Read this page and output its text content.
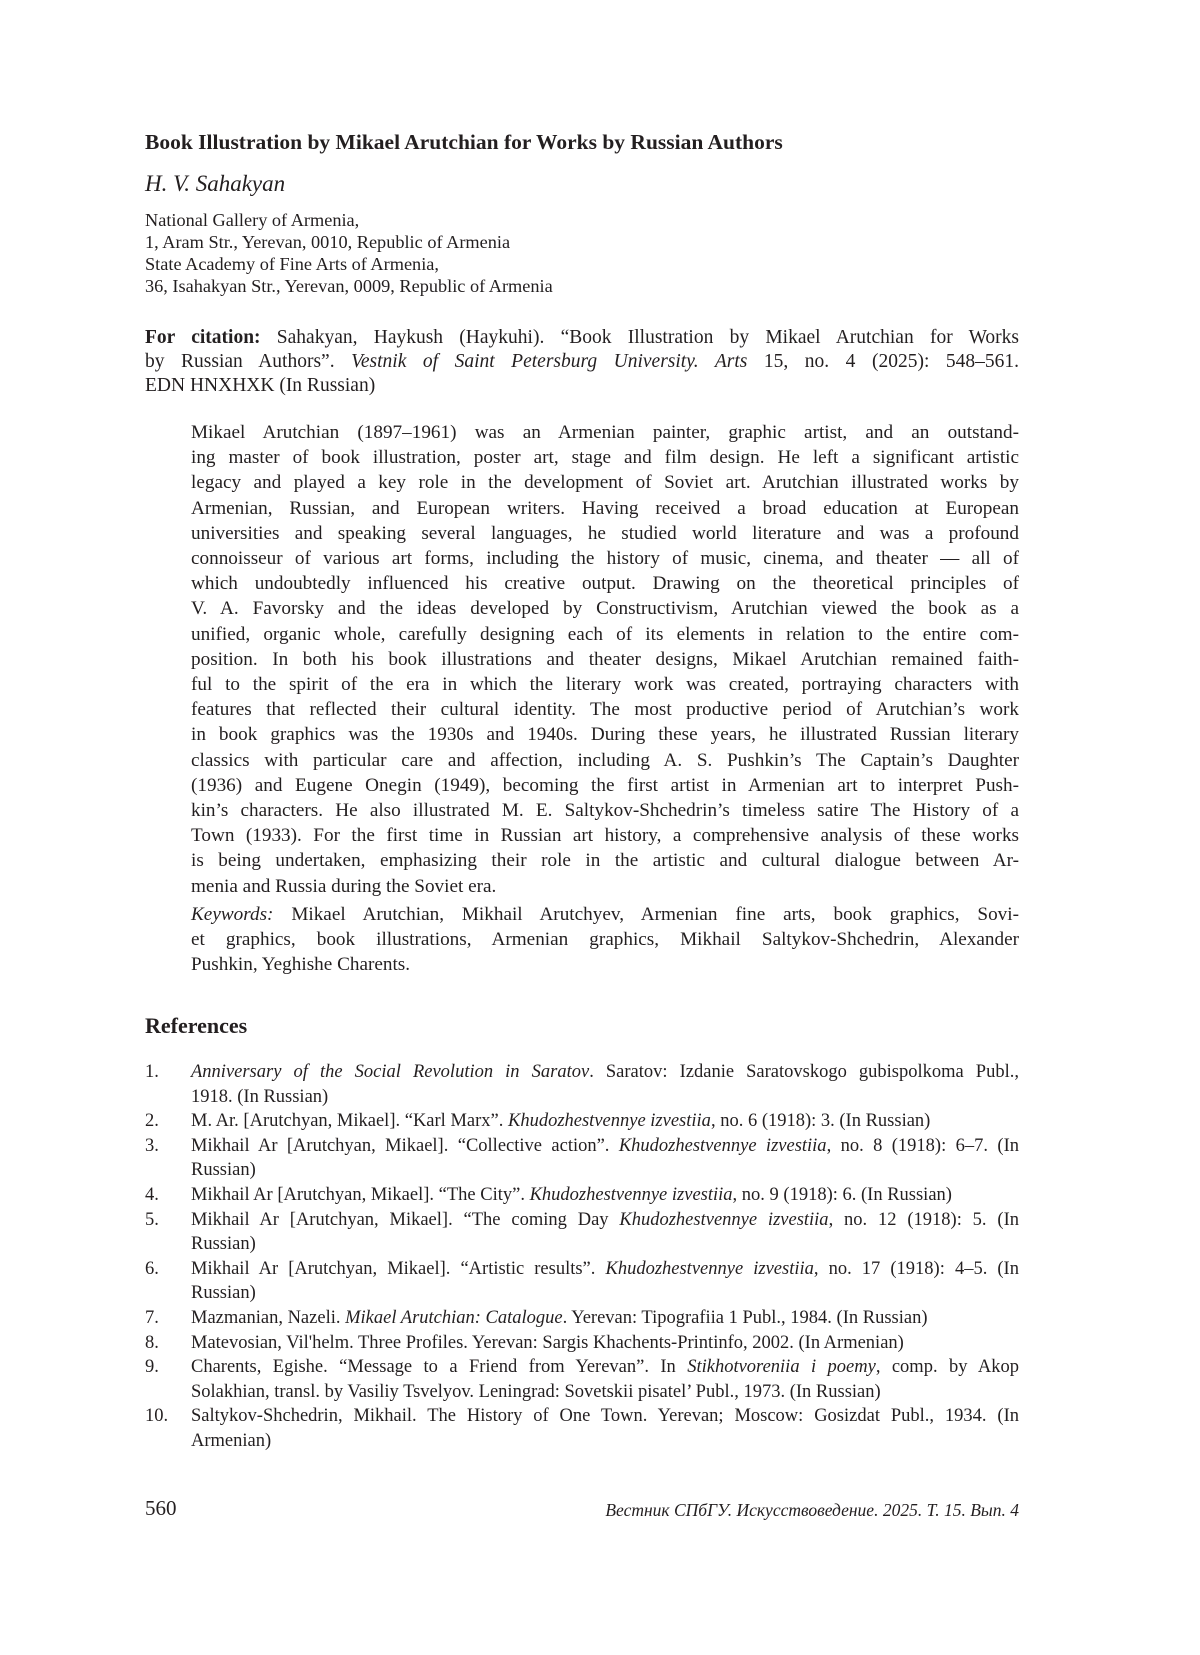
Book Illustration by Mikael Arutchian for Works by Russian Authors
H. V. Sahakyan
National Gallery of Armenia,
1, Aram Str., Yerevan, 0010, Republic of Armenia
State Academy of Fine Arts of Armenia,
36, Isahakyan Str., Yerevan, 0009, Republic of Armenia
For citation: Sahakyan, Haykush (Haykuhi). “Book Illustration by Mikael Arutchian for Works
by Russian Authors”. Vestnik of Saint Petersburg University. Arts 15, no. 4 (2025): 548–561.
EDN HNXHXK (In Russian)
Mikael Arutchian (1897–1961) was an Armenian painter, graphic artist, and an outstand-
ing master of book illustration, poster art, stage and film design. He left a significant artistic
legacy and played a key role in the development of Soviet art. Arutchian illustrated works by
Armenian, Russian, and European writers. Having received a broad education at European
universities and speaking several languages, he studied world literature and was a profound
connoisseur of various art forms, including the history of music, cinema, and theater — all of
which undoubtedly influenced his creative output. Drawing on the theoretical principles of
V. A. Favorsky and the ideas developed by Constructivism, Arutchian viewed the book as a
unified, organic whole, carefully designing each of its elements in relation to the entire com-
position. In both his book illustrations and theater designs, Mikael Arutchian remained faith-
ful to the spirit of the era in which the literary work was created, portraying characters with
features that reflected their cultural identity. The most productive period of Arutchian’s work
in book graphics was the 1930s and 1940s. During these years, he illustrated Russian literary
classics with particular care and affection, including A. S. Pushkin’s The Captain’s Daughter
(1936) and Eugene Onegin (1949), becoming the first artist in Armenian art to interpret Push-
kin’s characters. He also illustrated M. E. Saltykov-Shchedrin’s timeless satire The History of a
Town (1933). For the first time in Russian art history, a comprehensive analysis of these works
is being undertaken, emphasizing their role in the artistic and cultural dialogue between Ar-
menia and Russia during the Soviet era.
Keywords: Mikael Arutchian, Mikhail Arutchyev, Armenian fine arts, book graphics, Sovi-
et graphics, book illustrations, Armenian graphics, Mikhail Saltykov-Shchedrin, Alexander
Pushkin, Yeghishe Charents.
References
1. Anniversary of the Social Revolution in Saratov. Saratov: Izdanie Saratovskogo gubispolkoma Publ.,
1918. (In Russian)
2. M. Ar. [Arutchyan, Mikael]. “Karl Marx”. Khudozhestvennye izvestiia, no. 6 (1918): 3. (In Russian)
3. Mikhail Ar [Arutchyan, Mikael]. “Collective action”. Khudozhestvennye izvestiia, no. 8 (1918): 6–7. (In
Russian)
4. Mikhail Ar [Arutchyan, Mikael]. “The City”. Khudozhestvennye izvestiia, no. 9 (1918): 6. (In Russian)
5. Mikhail Ar [Arutchyan, Mikael]. “The coming Day Khudozhestvennye izvestiia, no. 12 (1918): 5. (In
Russian)
6. Mikhail Ar [Arutchyan, Mikael]. “Artistic results”. Khudozhestvennye izvestiia, no. 17 (1918): 4–5. (In
Russian)
7. Mazmanian, Nazeli. Mikael Arutchian: Catalogue. Yerevan: Tipografiia 1 Publ., 1984. (In Russian)
8. Matevosian, Vil'helm. Three Profiles. Yerevan: Sargis Khachents-Printinfo, 2002. (In Armenian)
9. Charents, Egishe. “Message to a Friend from Yerevan”. In Stikhotvoreniia i poemy, comp. by Akop
Solakhian, transl. by Vasiliy Tsvelyov. Leningrad: Sovetskii pisatel’ Publ., 1973. (In Russian)
10. Saltykov-Shchedrin, Mikhail. The History of One Town. Yerevan; Moscow: Gosizdat Publ., 1934. (In
Armenian)
560	Вестник СПбГУ. Искусствоведение. 2025. Т. 15. Вып. 4
